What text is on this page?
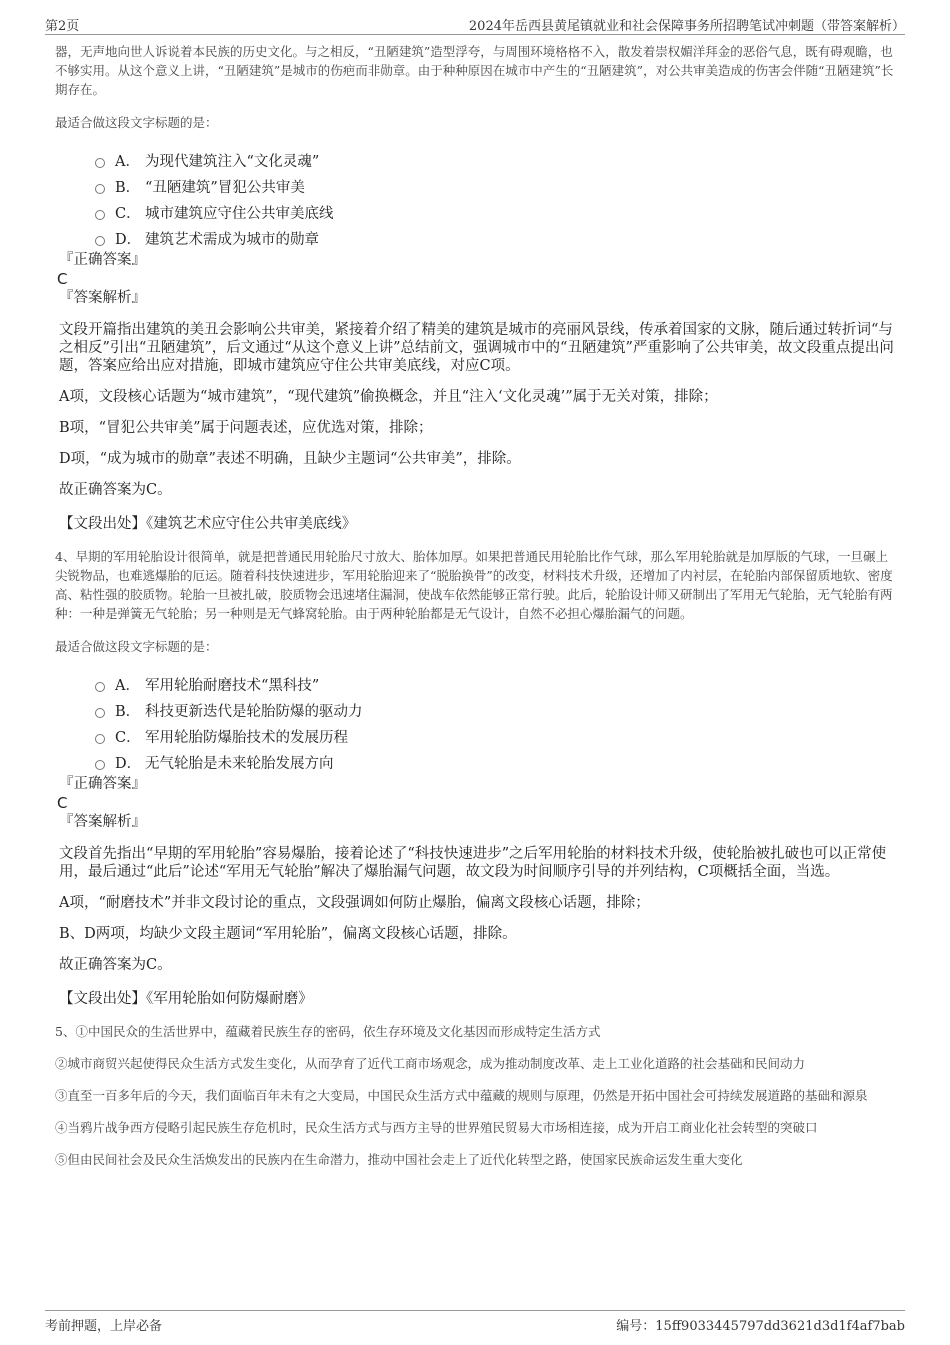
第2页	2024年岳西县黄尾镇就业和社会保障事务所招聘笔试冲刺题（带答案解析）

器，无声地向世人诉说着本民族的历史文化。与之相反，“丑陋建筑”造型浮夸，与周围环境格格不入，散发着崇权媚洋拜金的恶俗气息，既有碍观瞻，也不够实用。从这个意义上讲，“丑陋建筑”是城市的伤疤而非勋章。由于种种原因在城市中产生的“丑陋建筑”，对公共审美造成的伤害会伴随“丑陋建筑”长期存在。

最适合做这段文字标题的是：
A． 为现代建筑注入“文化灵魂”
B． “丑陋建筑”冒犯公共审美
C． 城市建筑应守住公共审美底线
D． 建筑艺术需成为城市的勋章
『正确答案』
C
『答案解析』

文段开篇指出建筑的美丑会影响公共审美，紧接着介绍了精美的建筑是城市的亮丽风景线，传承着国家的文脉，随后通过转折词“与之相反”引出“丑陋建筑”，后文通过“从这个意义上讲”总结前文，强调城市中的“丑陋建筑”严重影响了公共审美，故文段重点提出问题，答案应给出应对措施，即城市建筑应守住公共审美底线，对应C项。

A项，文段核心话题为“城市建筑”，“现代建筑”偷换概念，并且“注入‘文化灵魂’”属于无关对策，排除；

B项，“冒犯公共审美”属于问题表述，应优选对策，排除；

D项，“成为城市的勋章”表述不明确，且缺少主题词“公共审美”，排除。

故正确答案为C。

【文段出处】《建筑艺术应守住公共审美底线》
4、早期的军用轮胎设计很简单，就是把普通民用轮胎尺寸放大、胎体加厚。如果把普通民用轮胎比作气球，那么军用轮胎就是加厚版的气球，一旦碾上尖锐物品，也难逃爆胎的厄运。随着科技快速进步，军用轮胎迎来了“脱胎换骨”的改变，材料技术升级，还增加了内衬层，在轮胎内部保留质地软、密度高、粘性强的胶质物。轮胎一旦被扎破，胶质物会迅速堵住漏洞，使战车依然能够正常行驶。此后，轮胎设计师又研制出了军用无气轮胎，无气轮胎有两种：一种是弹簧无气轮胎；另一种则是无气蜂窝轮胎。由于两种轮胎都是无气设计，自然不必担心爆胎漏气的问题。
最适合做这段文字标题的是：
A． 军用轮胎耐磨技术“黑科技”
B． 科技更新迭代是轮胎防爆的驱动力
C． 军用轮胎防爆胎技术的发展历程
D． 无气轮胎是未来轮胎发展方向
『正确答案』
C
『答案解析』

文段首先指出“早期的军用轮胎”容易爆胎，接着论述了“科技快速进步”之后军用轮胎的材料技术升级，使轮胎被扎破也可以正常使用，最后通过“此后”论述“军用无气轮胎”解决了爆胎漏气问题，故文段为时间顺序引导的并列结构，C项概括全面，当选。

A项，“耐磨技术”并非文段讨论的重点，文段强调如何防止爆胎，偏离文段核心话题，排除；

B、D两项，均缺少文段主题词“军用轮胎”，偏离文段核心话题，排除。

故正确答案为C。

【文段出处】《军用轮胎如何防爆耐磨》
5、①中国民众的生活世界中，蕴藏着民族生存的密码，依生存环境及文化基因而形成特定生活方式
②城市商贸兴起使得民众生活方式发生变化，从而孕育了近代工商市场观念，成为推动制度改革、走上工业化道路的社会基础和民间动力
③直至一百多年后的今天，我们面临百年未有之大变局，中国民众生活方式中蕴藏的规则与原理，仍然是开拓中国社会可持续发展道路的基础和源泉
④当鸦片战争西方侵略引起民族生存危机时，民众生活方式与西方主导的世界殖民贸易大市场相连接，成为开启工商业化社会转型的突破口
⑤但由民间社会及民众生活焕发出的民族内在生命潜力，推动中国社会走上了近代化转型之路，使国家民族命运发生重大变化
考前押题，上岸必备	编号：15ff9033445797dd3621d3d1f4af7bab
